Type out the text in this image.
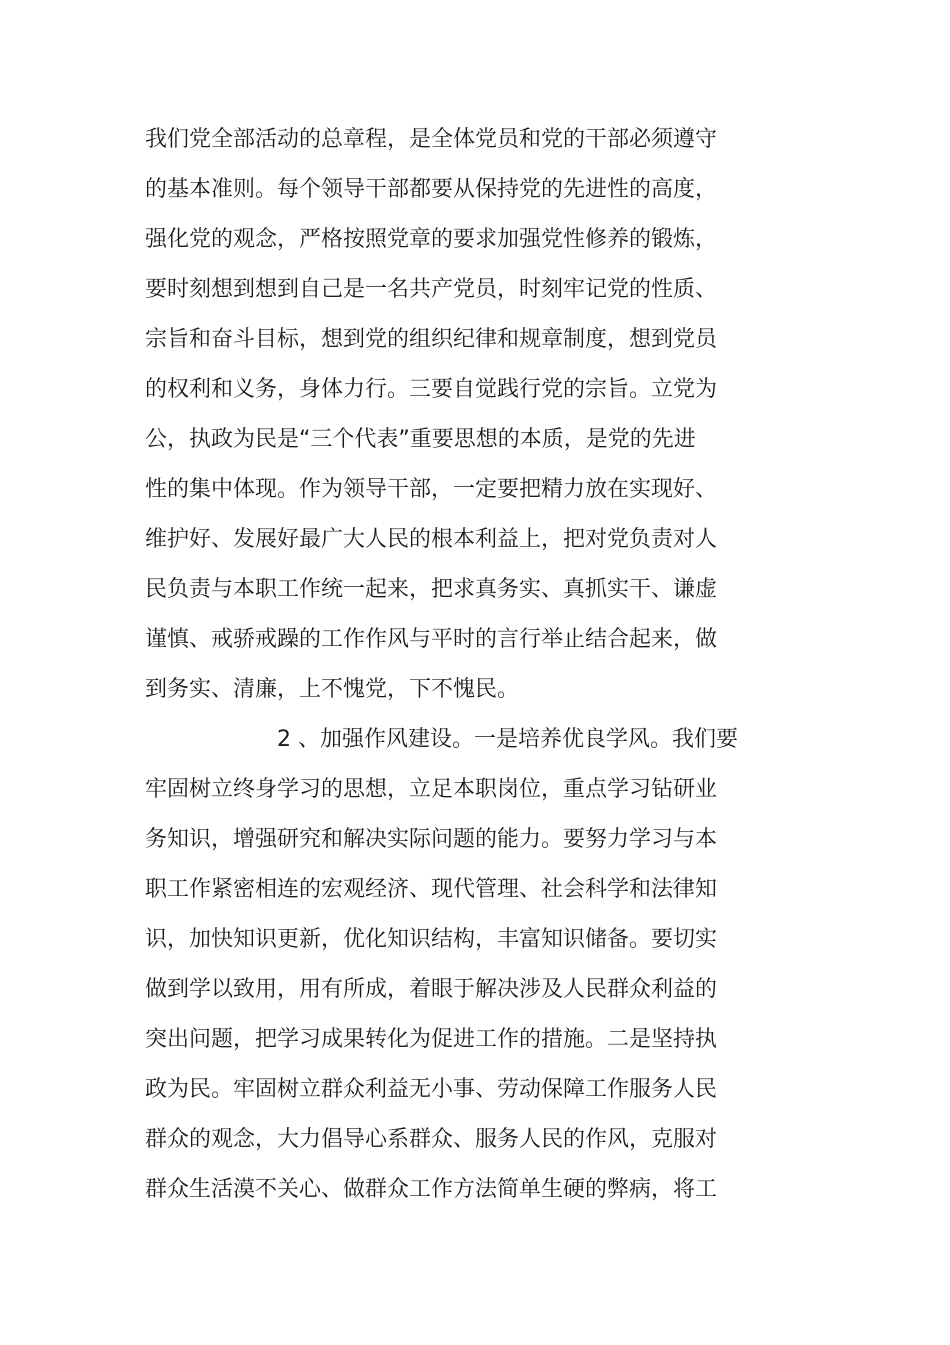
我们党全部活动的总章程，是全体党员和党的干部必须遵守
的基本准则。每个领导干部都要从保持党的先进性的高度，
强化党的观念，严格按照党章的要求加强党性修养的锻炼，
要时刻想到想到自己是一名共产党员，时刻牢记党的性质、
宗旨和奋斗目标，想到党的组织纪律和规章制度，想到党员
的权利和义务，身体力行。三要自觉践行党的宗旨。立党为
公，执政为民是“三个代表”重要思想的本质，是党的先进
性的集中体现。作为领导干部，一定要把精力放在实现好、
维护好、发展好最广大人民的根本利益上，把对党负责对人
民负责与本职工作统一起来，把求真务实、真抓实干、谦虚
谨慎、戒骄戒躁的工作作风与平时的言行举止结合起来，做
到务实、清廉，上不愧党，下不愧民。
2 、加强作风建设。一是培养优良学风。我们要
牢固树立终身学习的思想，立足本职岗位，重点学习钻研业
务知识，增强研究和解决实际问题的能力。要努力学习与本
职工作紧密相连的宏观经济、现代管理、社会科学和法律知
识，加快知识更新，优化知识结构，丰富知识储备。要切实
做到学以致用，用有所成，着眼于解决涉及人民群众利益的
突出问题，把学习成果转化为促进工作的措施。二是坚持执
政为民。牢固树立群众利益无小事、劳动保障工作服务人民
群众的观念，大力倡导心系群众、服务人民的作风，克服对
群众生活漠不关心、做群众工作方法简单生硬的弊病，将工
